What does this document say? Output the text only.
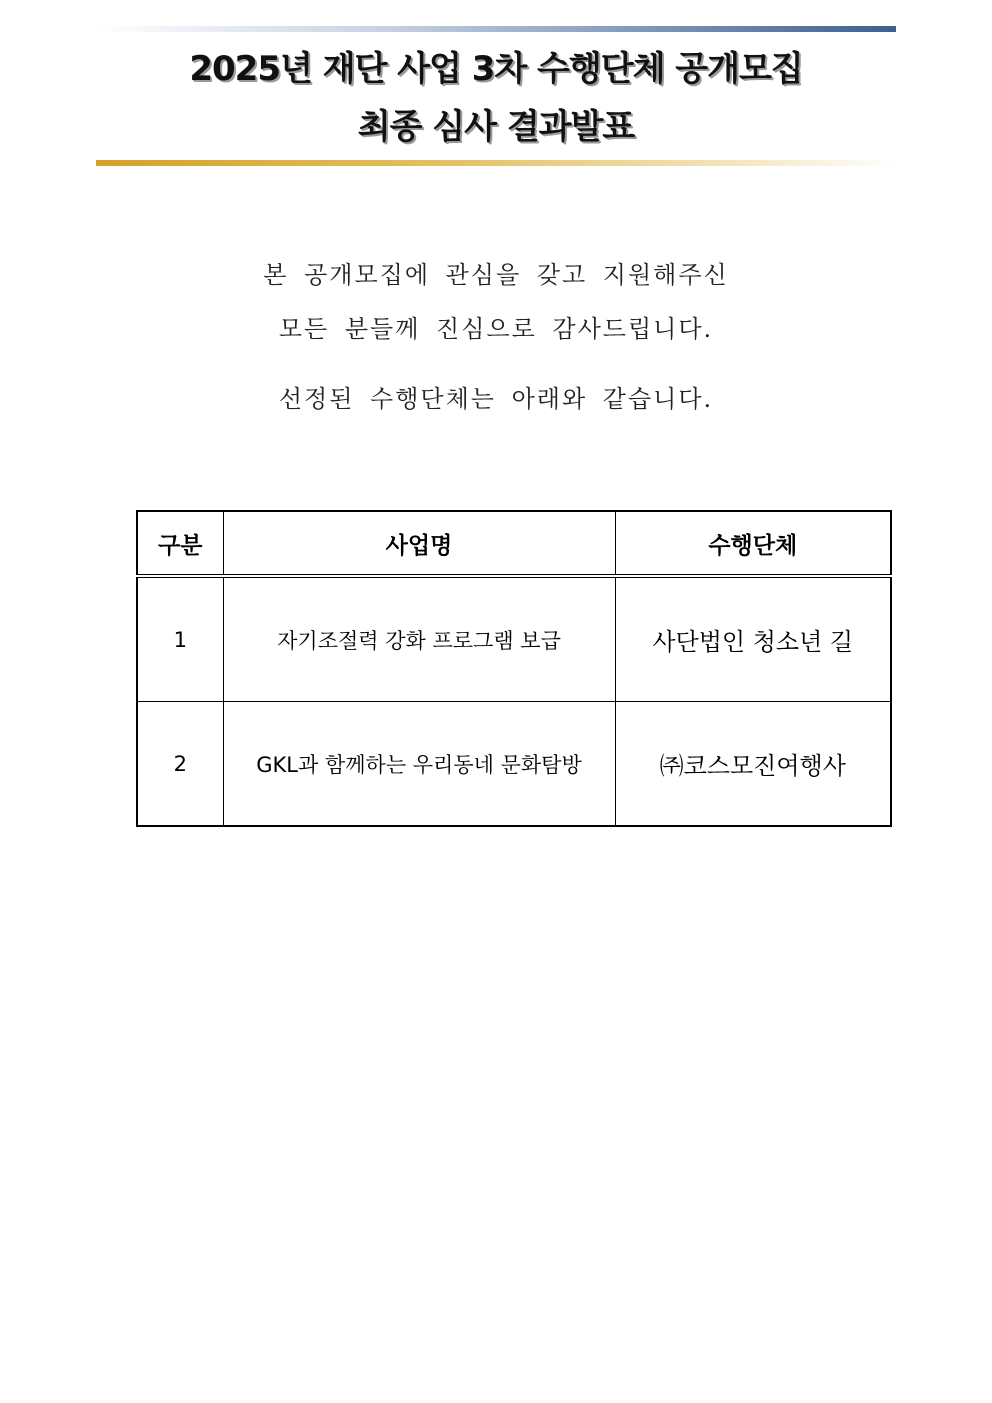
2025년 재단 사업 3차 수행단체 공개모집
최종 심사 결과발표
본 공개모집에 관심을 갖고 지원해주신
모든 분들께 진심으로 감사드립니다.
선정된 수행단체는 아래와 같습니다.
구분	사업명	수행단체
1	자기조절력 강화 프로그램 보급	사단법인 청소년 길
2	GKL과 함께하는 우리동네 문화탐방	㈜코스모진여행사
